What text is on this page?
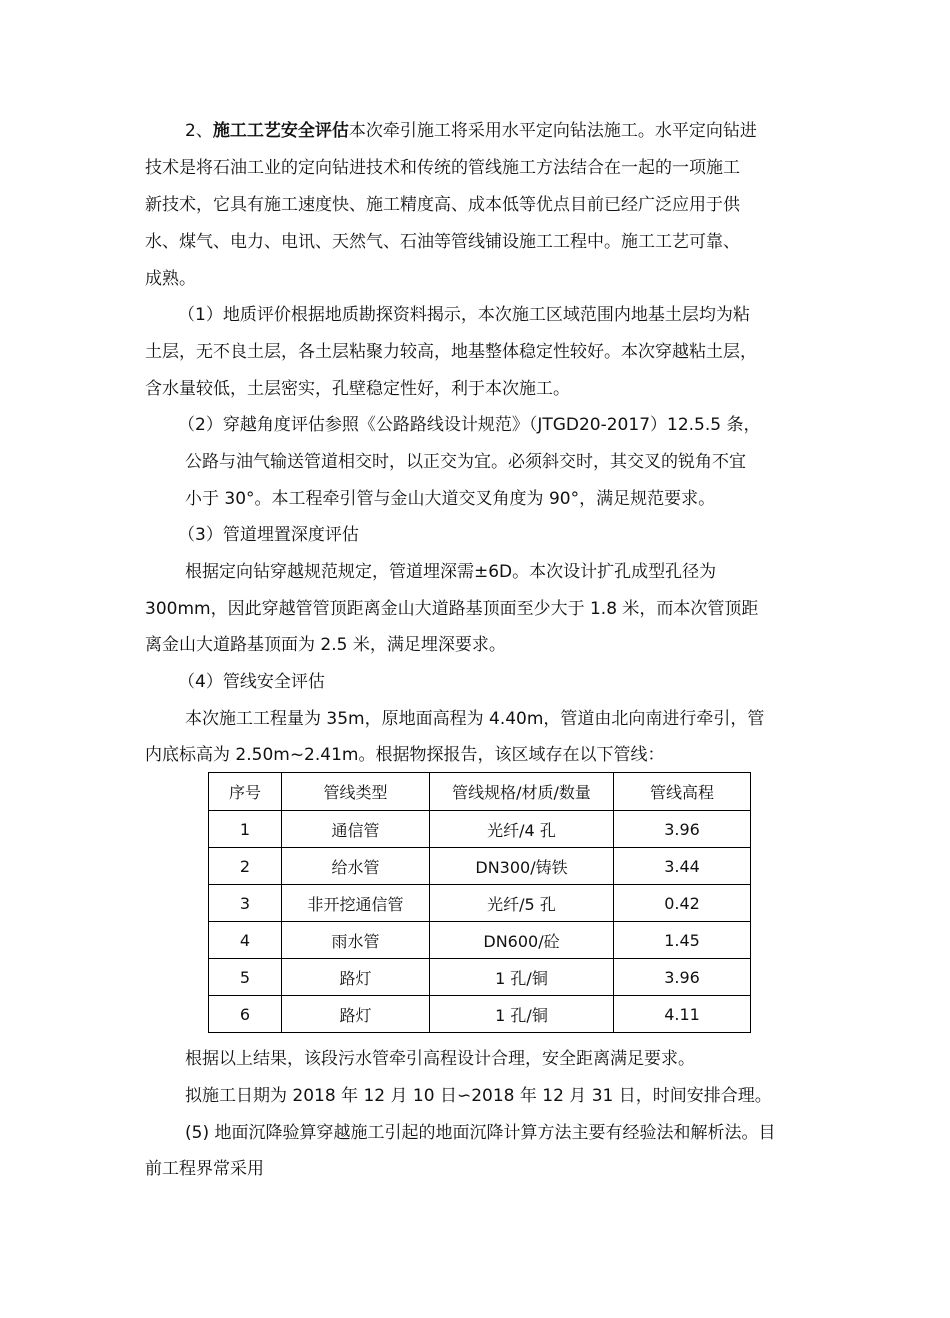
2、施工工艺安全评估本次牵引施工将采用水平定向钻法施工。水平定向钻进
技术是将石油工业的定向钻进技术和传统的管线施工方法结合在一起的一项施工
新技术，它具有施工速度快、施工精度高、成本低等优点目前已经广泛应用于供
水、煤气、电力、电讯、天然气、石油等管线铺设施工工程中。施工工艺可靠、
成熟。
（1）地质评价根据地质勘探资料揭示，本次施工区域范围内地基土层均为粘
土层，无不良土层，各土层粘聚力较高，地基整体稳定性较好。本次穿越粘土层，
含水量较低，土层密实，孔壁稳定性好，利于本次施工。
（2）穿越角度评估参照《公路路线设计规范》（JTGD20-2017）12.5.5 条，
公路与油气输送管道相交时，以正交为宜。必须斜交时，其交叉的锐角不宜
小于 30°。本工程牵引管与金山大道交叉角度为 90°，满足规范要求。
（3）管道埋置深度评估
根据定向钻穿越规范规定，管道埋深需±6D。本次设计扩孔成型孔径为
300mm，因此穿越管管顶距离金山大道路基顶面至少大于 1.8 米，而本次管顶距
离金山大道路基顶面为 2.5 米，满足埋深要求。
（4）管线安全评估
本次施工工程量为 35m，原地面高程为 4.40m，管道由北向南进行牵引，管
内底标高为 2.50m~2.41m。根据物探报告，该区域存在以下管线：
序号	管线类型	管线规格/材质/数量	管线高程
1	通信管	光纤/4 孔	3.96
2	给水管	DN300/铸铁	3.44
3	非开挖通信管	光纤/5 孔	0.42
4	雨水管	DN600/砼	1.45
5	路灯	1 孔/铜	3.96
6	路灯	1 孔/铜	4.11
根据以上结果，该段污水管牵引高程设计合理，安全距离满足要求。
拟施工日期为 2018 年 12 月 10 日∽2018 年 12 月 31 日，时间安排合理。
(5) 地面沉降验算穿越施工引起的地面沉降计算方法主要有经验法和解析法。目
前工程界常采用
